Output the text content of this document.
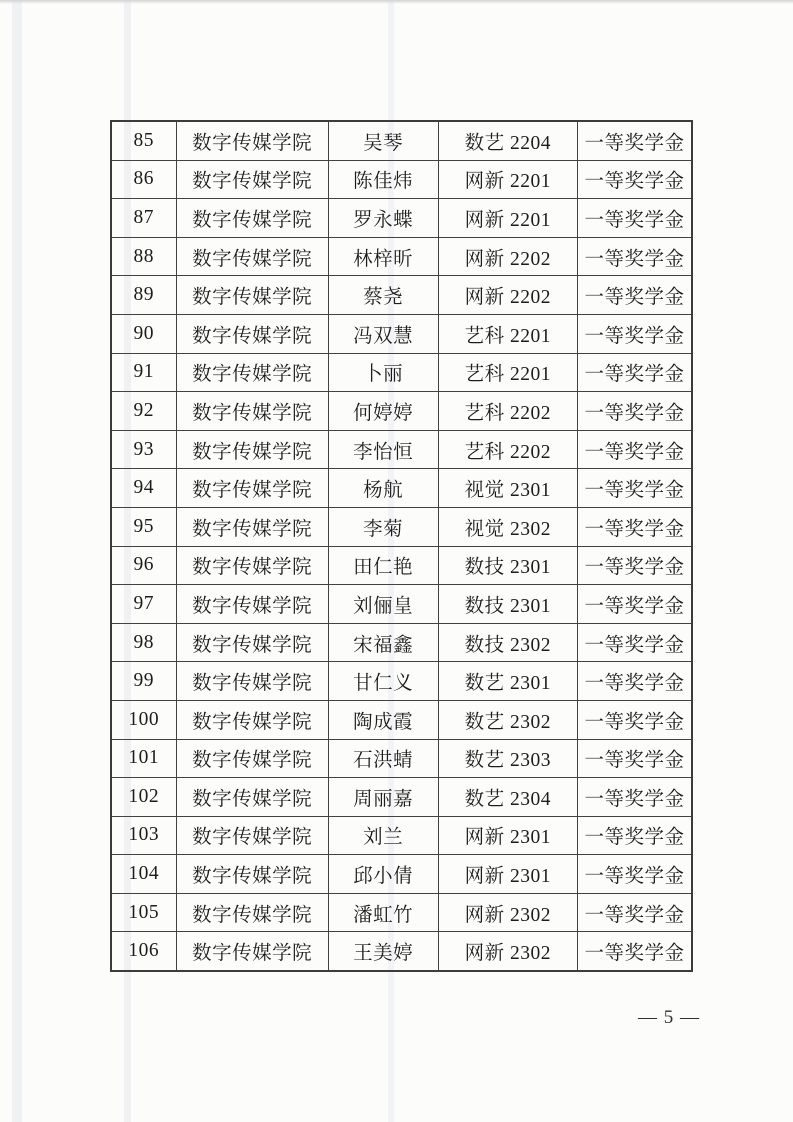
85	数字传媒学院	吴琴	数艺 2204	一等奖学金
86	数字传媒学院	陈佳炜	网新 2201	一等奖学金
87	数字传媒学院	罗永蝶	网新 2201	一等奖学金
88	数字传媒学院	林梓昕	网新 2202	一等奖学金
89	数字传媒学院	蔡尧	网新 2202	一等奖学金
90	数字传媒学院	冯双慧	艺科 2201	一等奖学金
91	数字传媒学院	卜丽	艺科 2201	一等奖学金
92	数字传媒学院	何婷婷	艺科 2202	一等奖学金
93	数字传媒学院	李怡恒	艺科 2202	一等奖学金
94	数字传媒学院	杨航	视觉 2301	一等奖学金
95	数字传媒学院	李菊	视觉 2302	一等奖学金
96	数字传媒学院	田仁艳	数技 2301	一等奖学金
97	数字传媒学院	刘俪皇	数技 2301	一等奖学金
98	数字传媒学院	宋福鑫	数技 2302	一等奖学金
99	数字传媒学院	甘仁义	数艺 2301	一等奖学金
100	数字传媒学院	陶成霞	数艺 2302	一等奖学金
101	数字传媒学院	石洪蜻	数艺 2303	一等奖学金
102	数字传媒学院	周丽嘉	数艺 2304	一等奖学金
103	数字传媒学院	刘兰	网新 2301	一等奖学金
104	数字传媒学院	邱小倩	网新 2301	一等奖学金
105	数字传媒学院	潘虹竹	网新 2302	一等奖学金
106	数字传媒学院	王美婷	网新 2302	一等奖学金
— 5 —
